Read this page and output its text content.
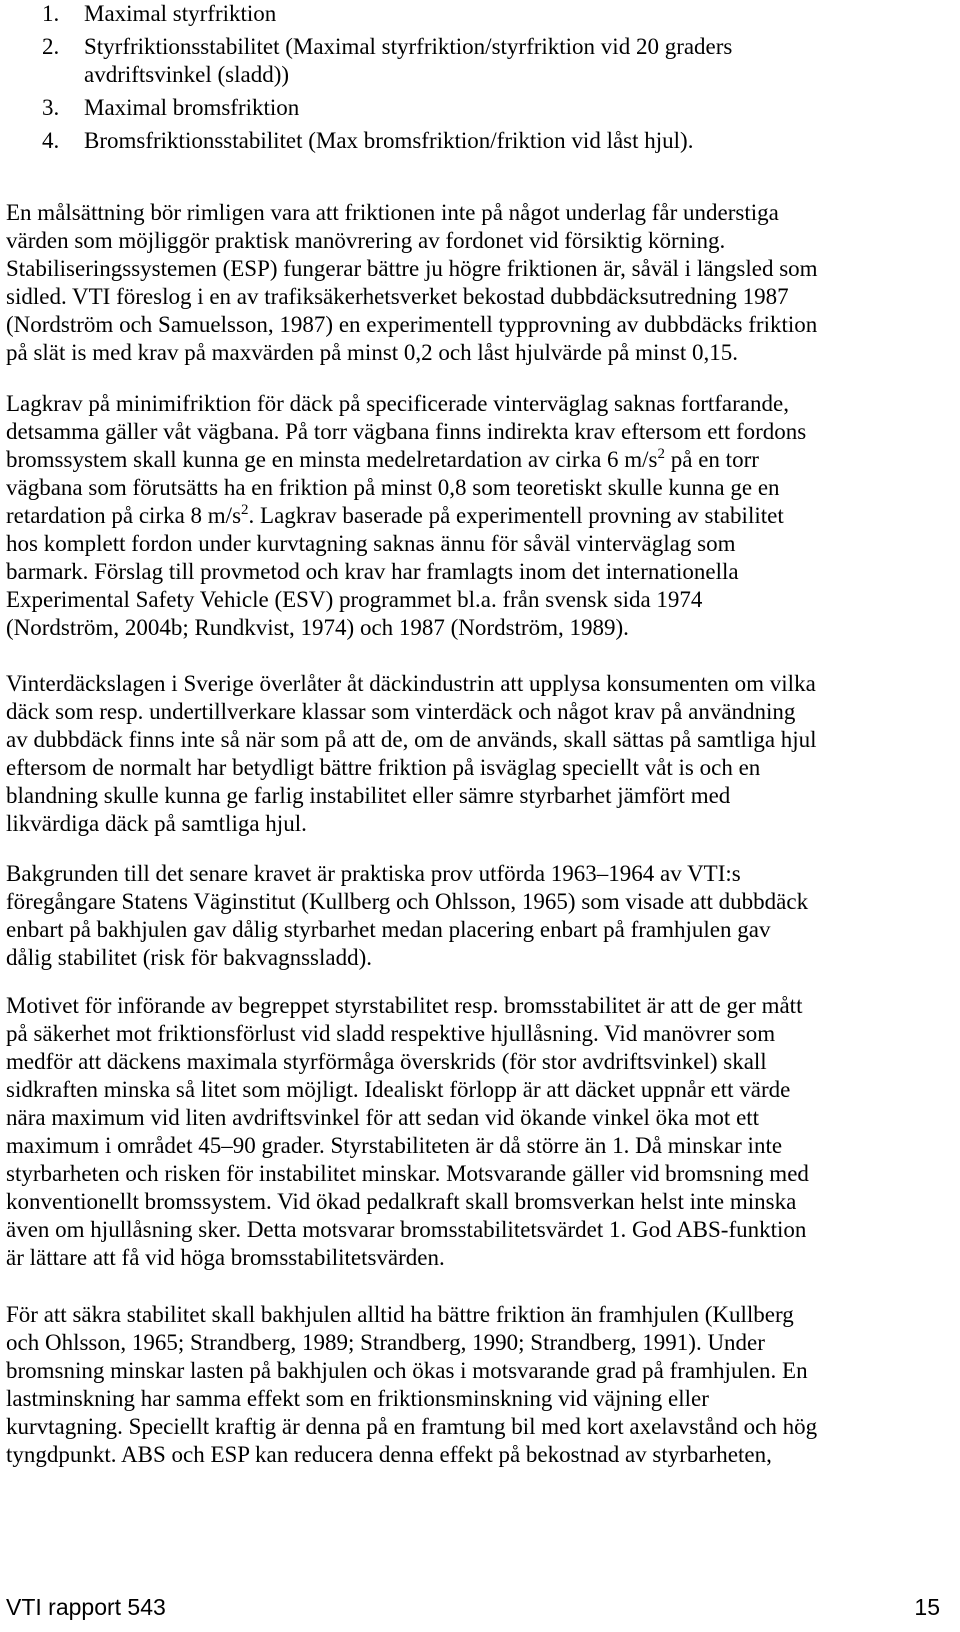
1.	Maximal styrfriktion
2.	Styrfriktionsstabilitet (Maximal styrfriktion/styrfriktion vid 20 graders
avdriftsvinkel (sladd))
3.	Maximal bromsfriktion
4.	Bromsfriktionsstabilitet (Max bromsfriktion/friktion vid låst hjul).

En målsättning bör rimligen vara att friktionen inte på något underlag får understiga
värden som möjliggör praktisk manövrering av fordonet vid försiktig körning.
Stabiliseringssystemen (ESP) fungerar bättre ju högre friktionen är, såväl i längsled som
sidled. VTI föreslog i en av trafiksäkerhetsverket bekostad dubbdäcksutredning 1987
(Nordström och Samuelsson, 1987) en experimentell typprovning av dubbdäcks friktion
på slät is med krav på maxvärden på minst 0,2 och låst hjulvärde på minst 0,15.

Lagkrav på minimifriktion för däck på specificerade vinterväglag saknas fortfarande,
detsamma gäller våt vägbana. På torr vägbana finns indirekta krav eftersom ett fordons
bromssystem skall kunna ge en minsta medelretardation av cirka 6 $m/s^2$ på en torr
vägbana som förutsätts ha en friktion på minst 0,8 som teoretiskt skulle kunna ge en
retardation på cirka 8 $m/s^2$. Lagkrav baserade på experimentell provning av stabilitet
hos komplett fordon under kurvtagning saknas ännu för såväl vinterväglag som
barmark. Förslag till provmetod och krav har framlagts inom det internationella
Experimental Safety Vehicle (ESV) programmet bl.a. från svensk sida 1974
(Nordström, 2004b; Rundkvist, 1974) och 1987 (Nordström, 1989).

Vinterdäckslagen i Sverige överlåter åt däckindustrin att upplysa konsumenten om vilka
däck som resp. undertillverkare klassar som vinterdäck och något krav på användning
av dubbdäck finns inte så när som på att de, om de används, skall sättas på samtliga hjul
eftersom de normalt har betydligt bättre friktion på isväglag speciellt våt is och en
blandning skulle kunna ge farlig instabilitet eller sämre styrbarhet jämfört med
likvärdiga däck på samtliga hjul.

Bakgrunden till det senare kravet är praktiska prov utförda 1963–1964 av VTI:s
föregångare Statens Väginstitut (Kullberg och Ohlsson, 1965) som visade att dubbdäck
enbart på bakhjulen gav dålig styrbarhet medan placering enbart på framhjulen gav
dålig stabilitet (risk för bakvagnssladd).

Motivet för införande av begreppet styrstabilitet resp. bromsstabilitet är att de ger mått
på säkerhet mot friktionsförlust vid sladd respektive hjullåsning. Vid manövrer som
medför att däckens maximala styrförmåga överskrids (för stor avdriftsvinkel) skall
sidkraften minska så litet som möjligt. Idealiskt förlopp är att däcket uppnår ett värde
nära maximum vid liten avdriftsvinkel för att sedan vid ökande vinkel öka mot ett
maximum i området 45–90 grader. Styrstabiliteten är då större än 1. Då minskar inte
styrbarheten och risken för instabilitet minskar. Motsvarande gäller vid bromsning med
konventionellt bromssystem. Vid ökad pedalkraft skall bromsverkan helst inte minska
även om hjullåsning sker. Detta motsvarar bromsstabilitetsvärdet 1. God ABS-funktion
är lättare att få vid höga bromsstabilitetsvärden.

För att säkra stabilitet skall bakhjulen alltid ha bättre friktion än framhjulen (Kullberg
och Ohlsson, 1965; Strandberg, 1989; Strandberg, 1990; Strandberg, 1991). Under
bromsning minskar lasten på bakhjulen och ökas i motsvarande grad på framhjulen. En
lastminskning har samma effekt som en friktionsminskning vid väjning eller
kurvtagning. Speciellt kraftig är denna på en framtung bil med kort axelavstånd och hög
tyngdpunkt. ABS och ESP kan reducera denna effekt på bekostnad av styrbarheten,

VTI rapport 543	15
